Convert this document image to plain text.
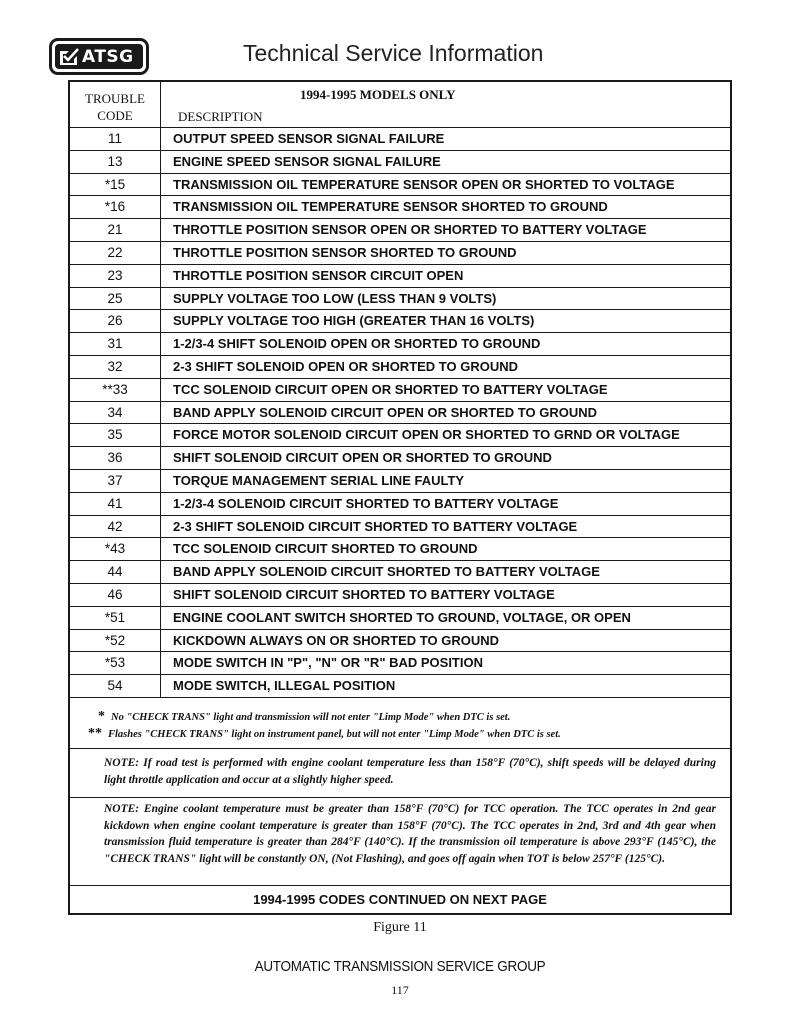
ATSG	Technical Service Information
TROUBLE
CODE
1994-1995 MODELS ONLY
DESCRIPTION
11	OUTPUT SPEED SENSOR SIGNAL FAILURE
13	ENGINE SPEED SENSOR SIGNAL FAILURE
*15	TRANSMISSION OIL TEMPERATURE SENSOR OPEN OR SHORTED TO VOLTAGE
*16	TRANSMISSION OIL TEMPERATURE SENSOR SHORTED TO GROUND
21	THROTTLE POSITION SENSOR OPEN OR SHORTED TO BATTERY VOLTAGE
22	THROTTLE POSITION SENSOR SHORTED TO GROUND
23	THROTTLE POSITION SENSOR CIRCUIT OPEN
25	SUPPLY VOLTAGE TOO LOW (LESS THAN 9 VOLTS)
26	SUPPLY VOLTAGE TOO HIGH (GREATER THAN 16 VOLTS)
31	1-2/3-4 SHIFT SOLENOID OPEN OR SHORTED TO GROUND
32	2-3 SHIFT SOLENOID OPEN OR SHORTED TO GROUND
**33	TCC SOLENOID CIRCUIT OPEN OR SHORTED TO BATTERY VOLTAGE
34	BAND APPLY SOLENOID CIRCUIT OPEN OR SHORTED TO GROUND
35	FORCE MOTOR SOLENOID CIRCUIT OPEN OR SHORTED TO GRND OR VOLTAGE
36	SHIFT SOLENOID CIRCUIT OPEN OR SHORTED TO GROUND
37	TORQUE MANAGEMENT SERIAL LINE FAULTY
41	1-2/3-4 SOLENOID CIRCUIT SHORTED TO BATTERY VOLTAGE
42	2-3 SHIFT SOLENOID CIRCUIT SHORTED TO BATTERY VOLTAGE
*43	TCC SOLENOID CIRCUIT SHORTED TO GROUND
44	BAND APPLY SOLENOID CIRCUIT SHORTED TO BATTERY VOLTAGE
46	SHIFT SOLENOID CIRCUIT SHORTED TO BATTERY VOLTAGE
*51	ENGINE COOLANT SWITCH SHORTED TO GROUND, VOLTAGE, OR OPEN
*52	KICKDOWN ALWAYS ON OR SHORTED TO GROUND
*53	MODE SWITCH IN "P", "N" OR "R" BAD POSITION
54	MODE SWITCH, ILLEGAL POSITION
* No "CHECK TRANS" light and transmission will not enter "Limp Mode" when DTC is set.
** Flashes "CHECK TRANS" light on instrument panel, but will not enter "Limp Mode" when DTC is set.
NOTE: If road test is performed with engine coolant temperature less than 158°F (70°C), shift speeds will be delayed during light throttle application and occur at a slightly higher speed.
NOTE: Engine coolant temperature must be greater than 158°F (70°C) for TCC operation. The TCC operates in 2nd gear kickdown when engine coolant temperature is greater than 158°F (70°C). The TCC operates in 2nd, 3rd and 4th gear when transmission fluid temperature is greater than 284°F (140°C). If the transmission oil temperature is above 293°F (145°C), the "CHECK TRANS" light will be constantly ON, (Not Flashing), and goes off again when TOT is below 257°F (125°C).
1994-1995 CODES CONTINUED ON NEXT PAGE
Figure 11
AUTOMATIC TRANSMISSION SERVICE GROUP
117
